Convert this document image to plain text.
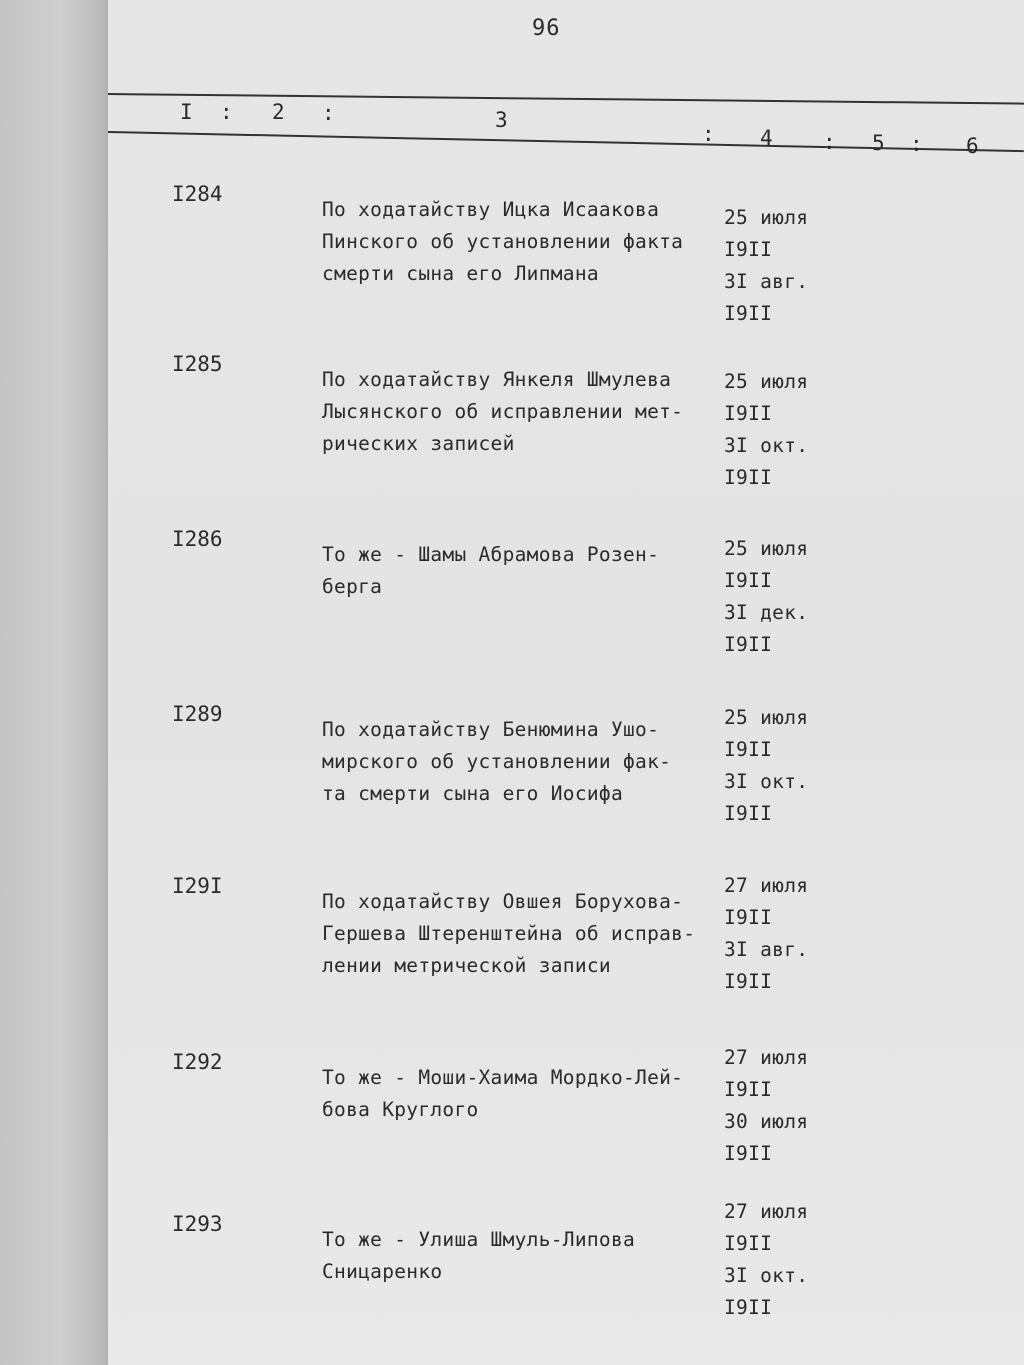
96
I : 2 :	3
: 4 : 5 : 6
I284
По ходатайству Ицка Исаакова
Пинского об установлении факта
смерти сына его Липмана
25 июля
I9II
3I авг.
I9II
I285
По ходатайству Янкеля Шмулева
Лысянского об исправлении мет-
рических записей
25 июля
I9II
3I окт.
I9II
I286
То же - Шамы Абрамова Розен-
берга
25 июля
I9II
3I дек.
I9II
I289
По ходатайству Бенюмина Ушо-
мирского об установлении фак-
та смерти сына его Иосифа
25 июля
I9II
3I окт.
I9II
I29I
По ходатайству Овшея Борухова-
Гершева Штеренштейна об исправ-
лении метрической записи
27 июля
I9II
3I авг.
I9II
I292
То же - Моши-Хаима Мордко-Лей-
бова Круглого
27 июля
I9II
30 июля
I9II
I293
То же - Улиша Шмуль-Липова
Сницаренко
27 июля
I9II
3I окт.
I9II
